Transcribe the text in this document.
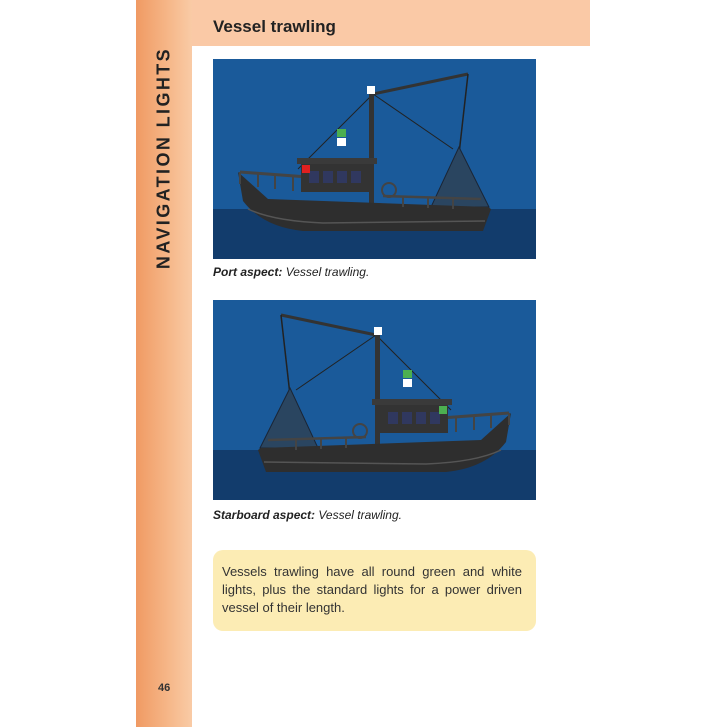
NAVIGATION LIGHTS
46
Vessel trawling
Port aspect: Vessel trawling.
Starboard aspect: Vessel trawling.

Vessels trawling have all round green and white lights, plus the standard lights for a power driven vessel of their length.
